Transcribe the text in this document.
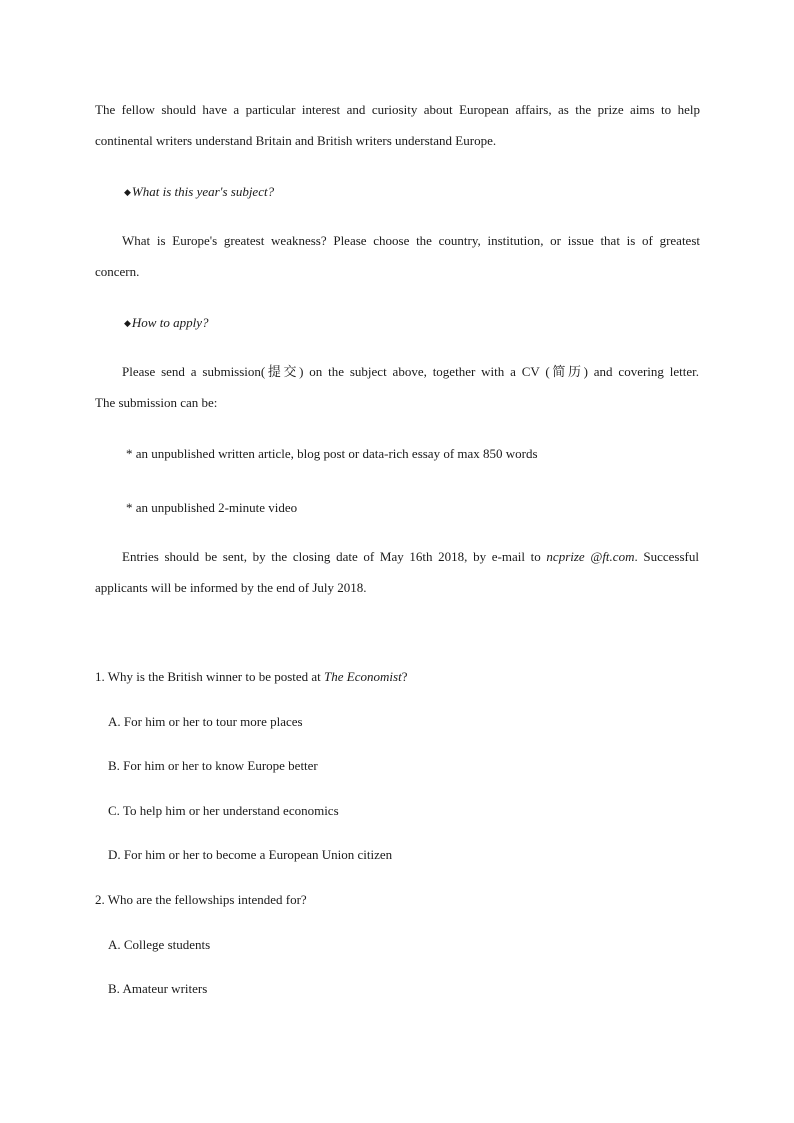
The fellow should have a particular interest and curiosity about European affairs, as the prize aims to help
continental writers understand Britain and British writers understand Europe.
◆What is this year's subject?
What is Europe's greatest weakness? Please choose the country, institution, or issue that is of greatest
concern.
◆How to apply?
Please send a submission(提交) on the subject above, together with a CV (简历) and covering letter.
The submission can be:
* an unpublished written article, blog post or data-rich essay of max 850 words
* an unpublished 2-minute video
Entries should be sent, by the closing date of May 16th 2018, by e-mail to ncprize @ft.com. Successful
applicants will be informed by the end of July 2018.
1. Why is the British winner to be posted at The Economist?
A. For him or her to tour more places
B. For him or her to know Europe better
C. To help him or her understand economics
D. For him or her to become a European Union citizen
2. Who are the fellowships intended for?
A. College students
B. Amateur writers
